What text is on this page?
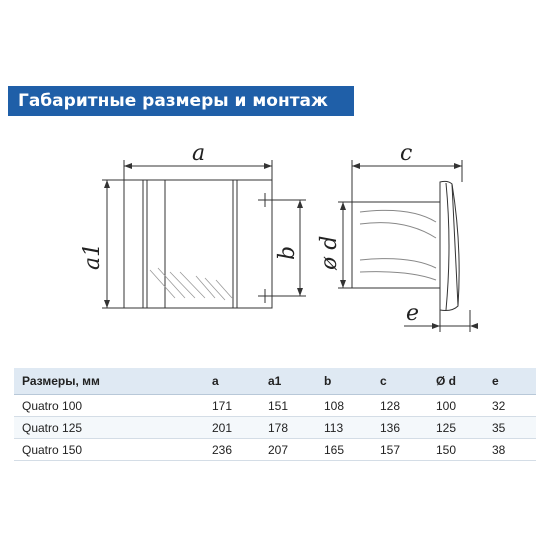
Габаритные размеры и монтаж
a
a1	b
c
ø d
e
Размеры, мм	a	a1	b	c	Ø d	e
Quatro 100	171	151	108	128	100	32
Quatro 125	201	178	113	136	125	35
Quatro 150	236	207	165	157	150	38
